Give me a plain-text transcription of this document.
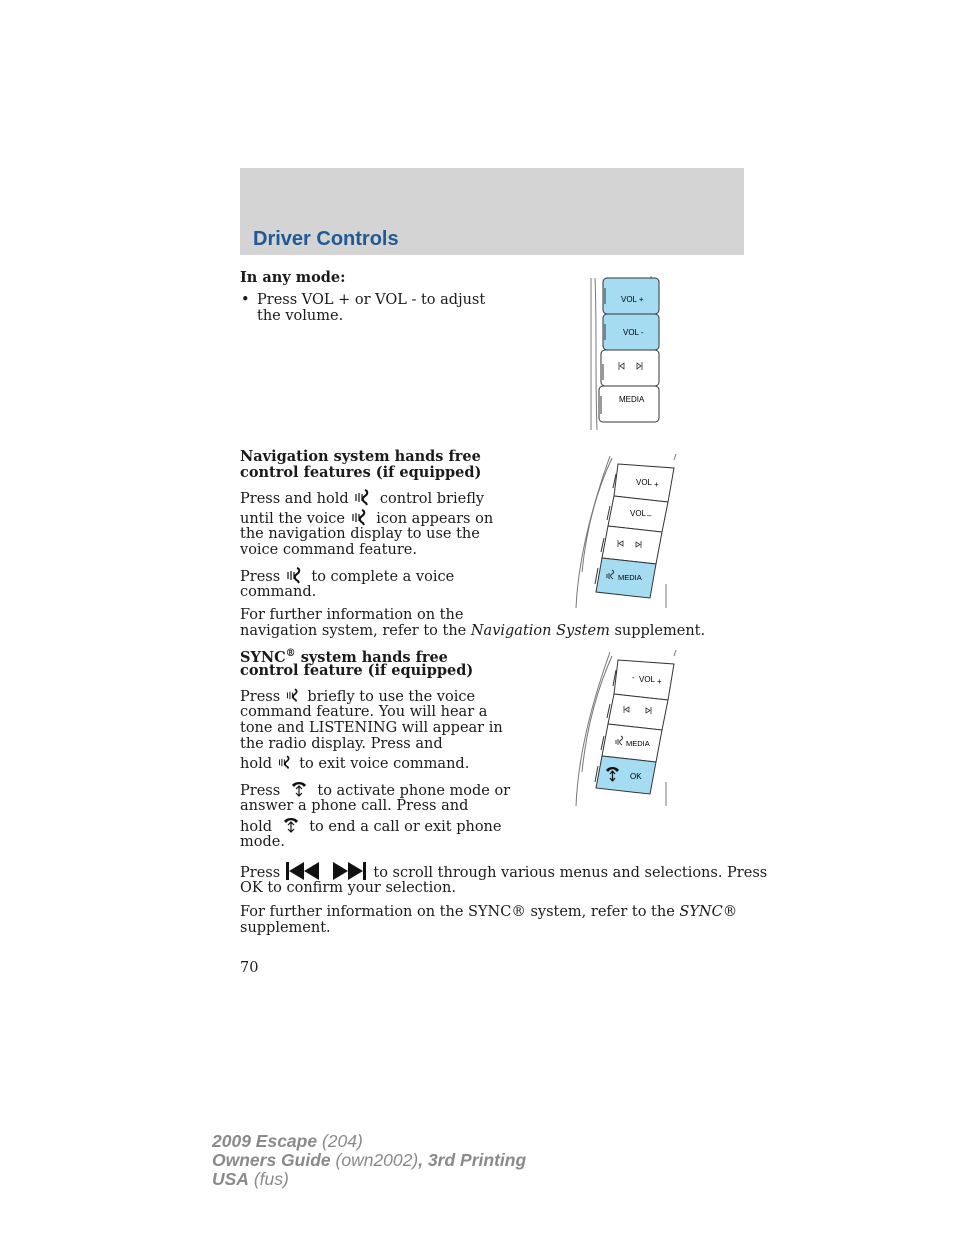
Driver Controls
In any mode:
• Press VOL + or VOL - to adjust
the volume.
VOL +
VOL -
MEDIA
Navigation system hands free
control features (if equipped)
Press and hold control briefly
until the voice icon appears on
the navigation display to use the
voice command feature.
Press to complete a voice
command.
For further information on the
navigation system, refer to the Navigation System supplement.
VOL +
VOL –
MEDIA
SYNC® system hands free
control feature (if equipped)
Press briefly to use the voice
command feature. You will hear a
tone and LISTENING will appear in
the radio display. Press and
hold to exit voice command.
Press	to activate phone mode or
answer a phone call. Press and
hold	to end a call or exit phone
mode.
Press	to scroll through various menus and selections. Press
OK to confirm your selection.
For further information on the SYNC® system, refer to the SYNC®
supplement.
- VOL +
MEDIA
OK
70
2009 Escape (204)
Owners Guide (own2002), 3rd Printing
USA (fus)
